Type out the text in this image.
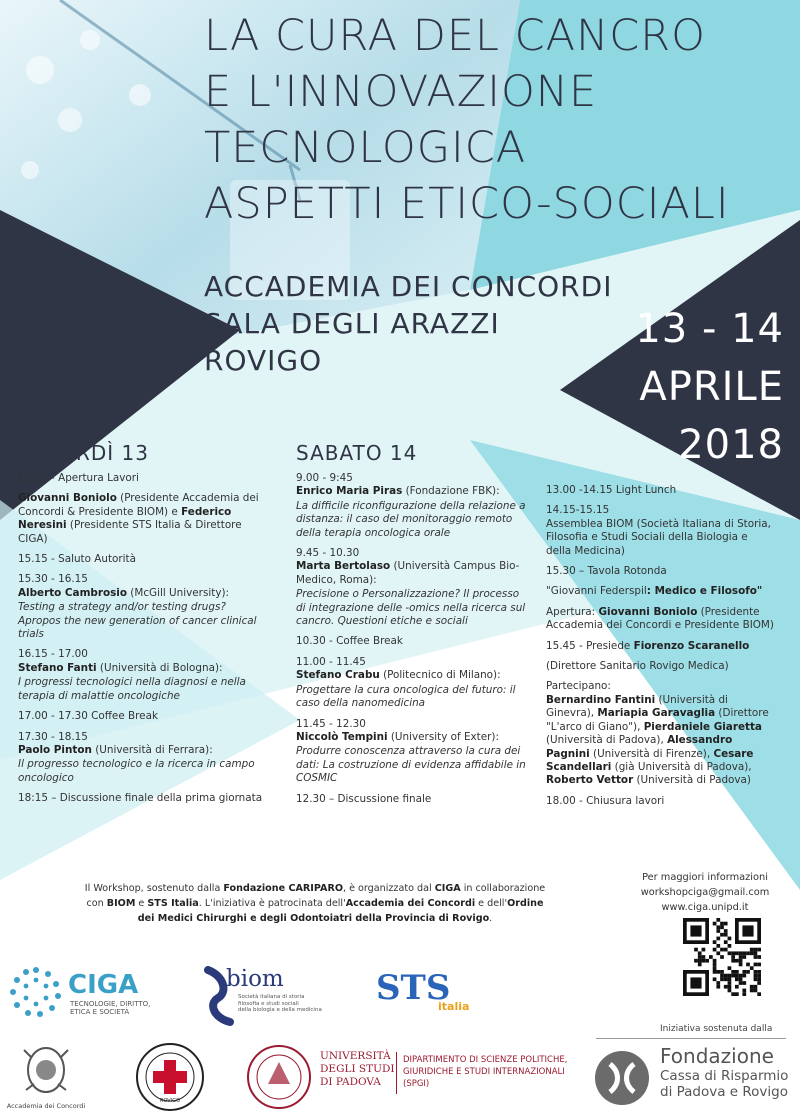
LA CURA DEL CANCRO
E L'INNOVAZIONE
TECNOLOGICA
ASPETTI ETICO-SOCIALI
ACCADEMIA DEI CONCORDI
SALA DEGLI ARAZZI
ROVIGO
13 - 14
APRILE
2018
VENERDÌ 13
15.00 - Apertura Lavori
Giovanni Boniolo (Presidente Accademia dei Concordi & Presidente BIOM) e Federico Neresini (Presidente STS Italia & Direttore CIGA)
15.15 - Saluto Autorità
15.30 - 16.15
Alberto Cambrosio (McGill University):
Testing a strategy and/or testing drugs? Apropos the new generation of cancer clinical trials
16.15 - 17.00
Stefano Fanti (Università di Bologna):
I progressi tecnologici nella diagnosi e nella terapia di malattie oncologiche
17.00 - 17.30 Coffee Break
17.30 - 18.15
Paolo Pinton (Università di Ferrara):
Il progresso tecnologico e la ricerca in campo oncologico
18:15 – Discussione finale della prima giornata
SABATO 14
9.00 - 9:45
Enrico Maria Piras (Fondazione FBK):
La difficile riconfigurazione della relazione a distanza: il caso del monitoraggio remoto della terapia oncologica orale
9.45 - 10.30
Marta Bertolaso (Università Campus Bio-Medico, Roma):
Precisione o Personalizzazione? Il processo di integrazione delle -omics nella ricerca sul cancro. Questioni etiche e sociali
10.30 - Coffee Break
11.00 - 11.45
Stefano Crabu (Politecnico di Milano):
Progettare la cura oncologica del futuro: il caso della nanomedicina
11.45 - 12.30
Niccolò Tempini (University of Exter):
Produrre conoscenza attraverso la cura dei dati: La costruzione di evidenza affidabile in COSMIC
12.30 – Discussione finale
13.00 -14.15 Light Lunch
14.15-15.15
Assemblea BIOM (Società Italiana di Storia, Filosofia e Studi Sociali della Biologia e della Medicina)
15.30 – Tavola Rotonda
"Giovanni Federspil: Medico e Filosofo"
Apertura: Giovanni Boniolo (Presidente Accademia dei Concordi e Presidente BIOM)
15.45 - Presiede Fiorenzo Scaranello
(Direttore Sanitario Rovigo Medica)
Partecipano:
Bernardino Fantini (Università di Ginevra), Mariapia Garavaglia (Direttore "L'arco di Giano"), Pierdaniele Giaretta (Università di Padova), Alessandro Pagnini (Università di Firenze), Cesare Scandellari (già Università di Padova), Roberto Vettor (Università di Padova)
18.00 - Chiusura lavori
Il Workshop, sostenuto dalla Fondazione CARIPARO, è organizzato dal CIGA in collaborazione con BIOM e STS Italia. L'iniziativa è patrocinata dell'Accademia dei Concordi e dell'Ordine dei Medici Chirurghi e degli Odontoiatri della Provincia di Rovigo.
Per maggiori informazioni
workshopciga@gmail.com
www.ciga.unipd.it
CIGA
TECNOLOGIE, DIRITTO,
ETICA E SOCIETÀ
biom
Società italiana di storia
filosofia e studi sociali
della biologia e della medicina
STS
italia
Accademia dei Concordi
ROVIGO
UNIVERSITÀ
DEGLI STUDI
DI PADOVA
DIPARTIMENTO DI SCIENZE POLITICHE,
GIURIDICHE E STUDI INTERNAZIONALI
(SPGI)
Iniziativa sostenuta dalla
Fondazione
Cassa di Risparmio
di Padova e Rovigo
